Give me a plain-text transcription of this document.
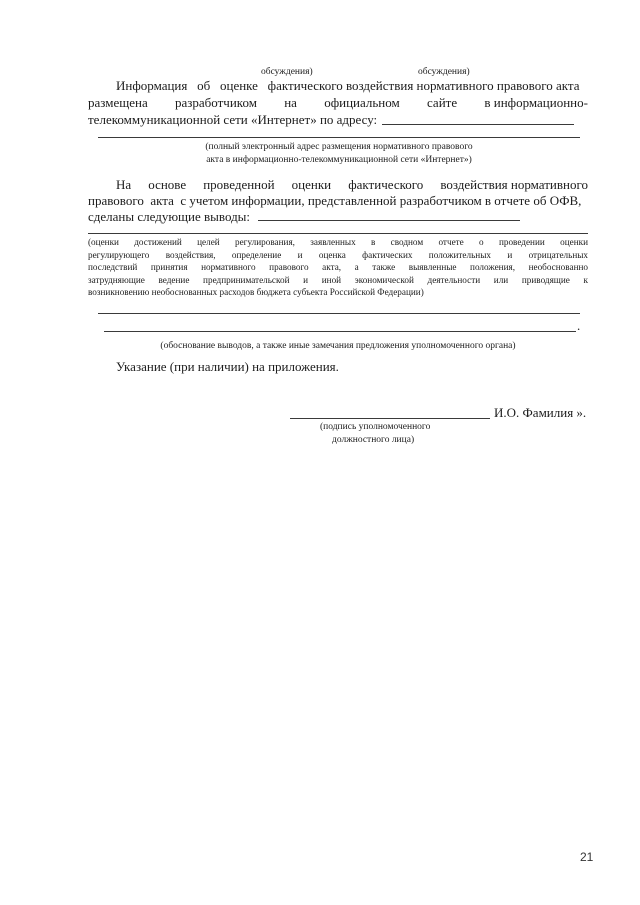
обсуждения)	обсуждения)
Информация   об   оценке   фактического воздействия нормативного правового акта
размещена разработчиком на официальном сайте в информационно-
телекоммуникационной сети «Интернет» по адресу:
(полный электронный адрес размещения нормативного правового
акта в информационно-телекоммуникационной сети «Интернет»)
На основе проведенной оценки фактического воздействия нормативного
правового  акта  с учетом информации, представленной разработчиком в отчете об ОФВ,
сделаны следующие выводы:
(оценки достижений целей регулирования, заявленных в сводном отчете о проведении оценки
регулирующего воздействия, определение и оценка фактических положительных и отрицательных
последствий принятия нормативного правового акта, а также выявленные положения, необоснованно
затрудняющие ведение предпринимательской и иной экономической деятельности или приводящие к
возникновению необоснованных расходов бюджета субъекта Российской Федерации)
.
(обоснование выводов, а также иные замечания предложения уполномоченного органа)
Указание (при наличии) на приложения.
И.О. Фамилия ».
(подпись уполномоченного
должностного лица)
21
